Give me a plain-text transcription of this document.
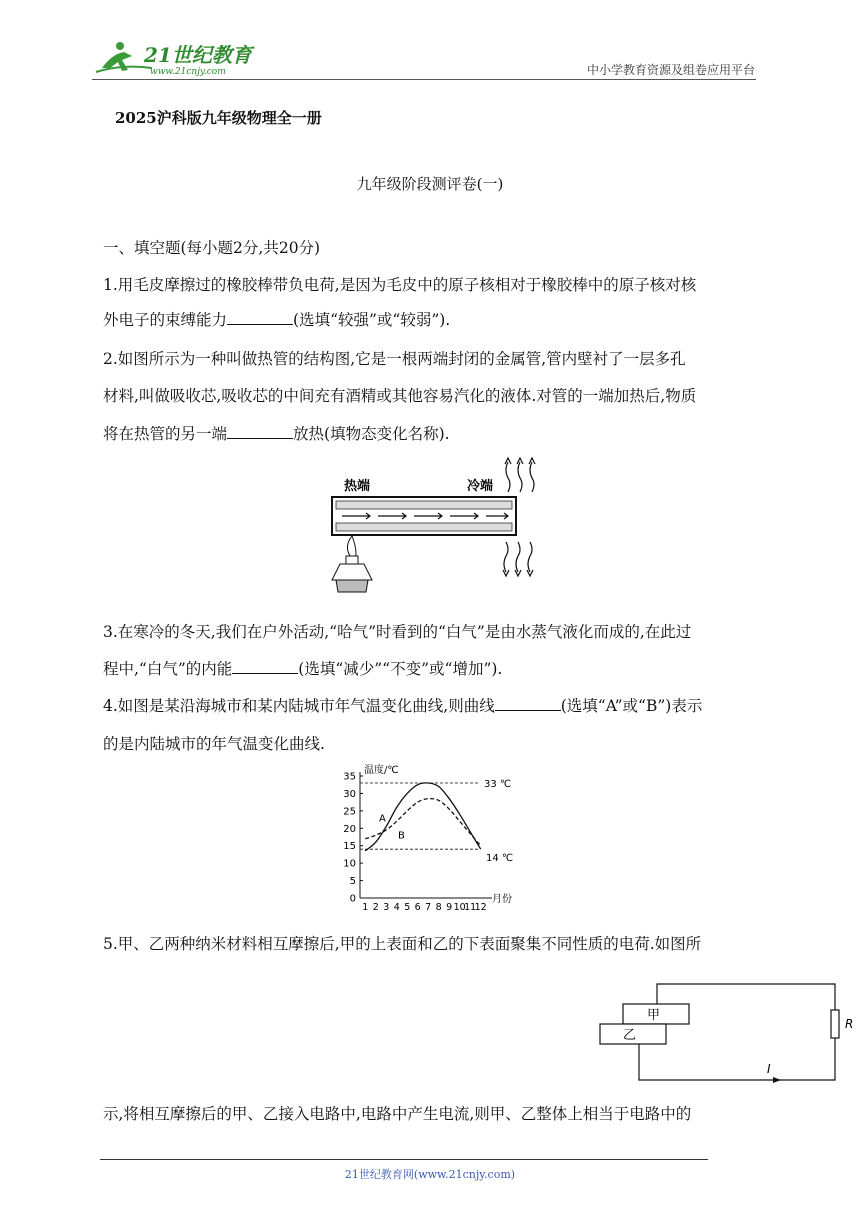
21世纪教育
www.21cnjy.com	中小学教育资源及组卷应用平台
2025沪科版九年级物理全一册
九年级阶段测评卷(一)
一、填空题(每小题2分,共20分)
1.用毛皮摩擦过的橡胶棒带负电荷,是因为毛皮中的原子核相对于橡胶棒中的原子核对核
外电子的束缚能力	(选填“较强”或“较弱”).
2.如图所示为一种叫做热管的结构图,它是一根两端封闭的金属管,管内壁衬了一层多孔
材料,叫做吸收芯,吸收芯的中间充有酒精或其他容易汽化的液体.对管的一端加热后,物质
将在热管的另一端	放热(填物态变化名称).
热端	冷端
3.在寒冷的冬天,我们在户外活动,“哈气”时看到的“白气”是由水蒸气液化而成的,在此过
程中,“白气”的内能	(选填“减少”“不变”或“增加”).
4.如图是某沿海城市和某内陆城市年气温变化曲线,则曲线	(选填“A”或“B”)表示
的是内陆城市的年气温变化曲线.
温度/℃
月份
0
5
10
15
20
25
30
35
1 2 3 4 5 6 7 8 9 10
11
12
33 ℃
14 ℃
A
B
5.甲、乙两种纳米材料相互摩擦后,甲的上表面和乙的下表面聚集不同性质的电荷.如图所
甲
乙
R
I
示,将相互摩擦后的甲、乙接入电路中,电路中产生电流,则甲、乙整体上相当于电路中的
21世纪教育网(www.21cnjy.com)
